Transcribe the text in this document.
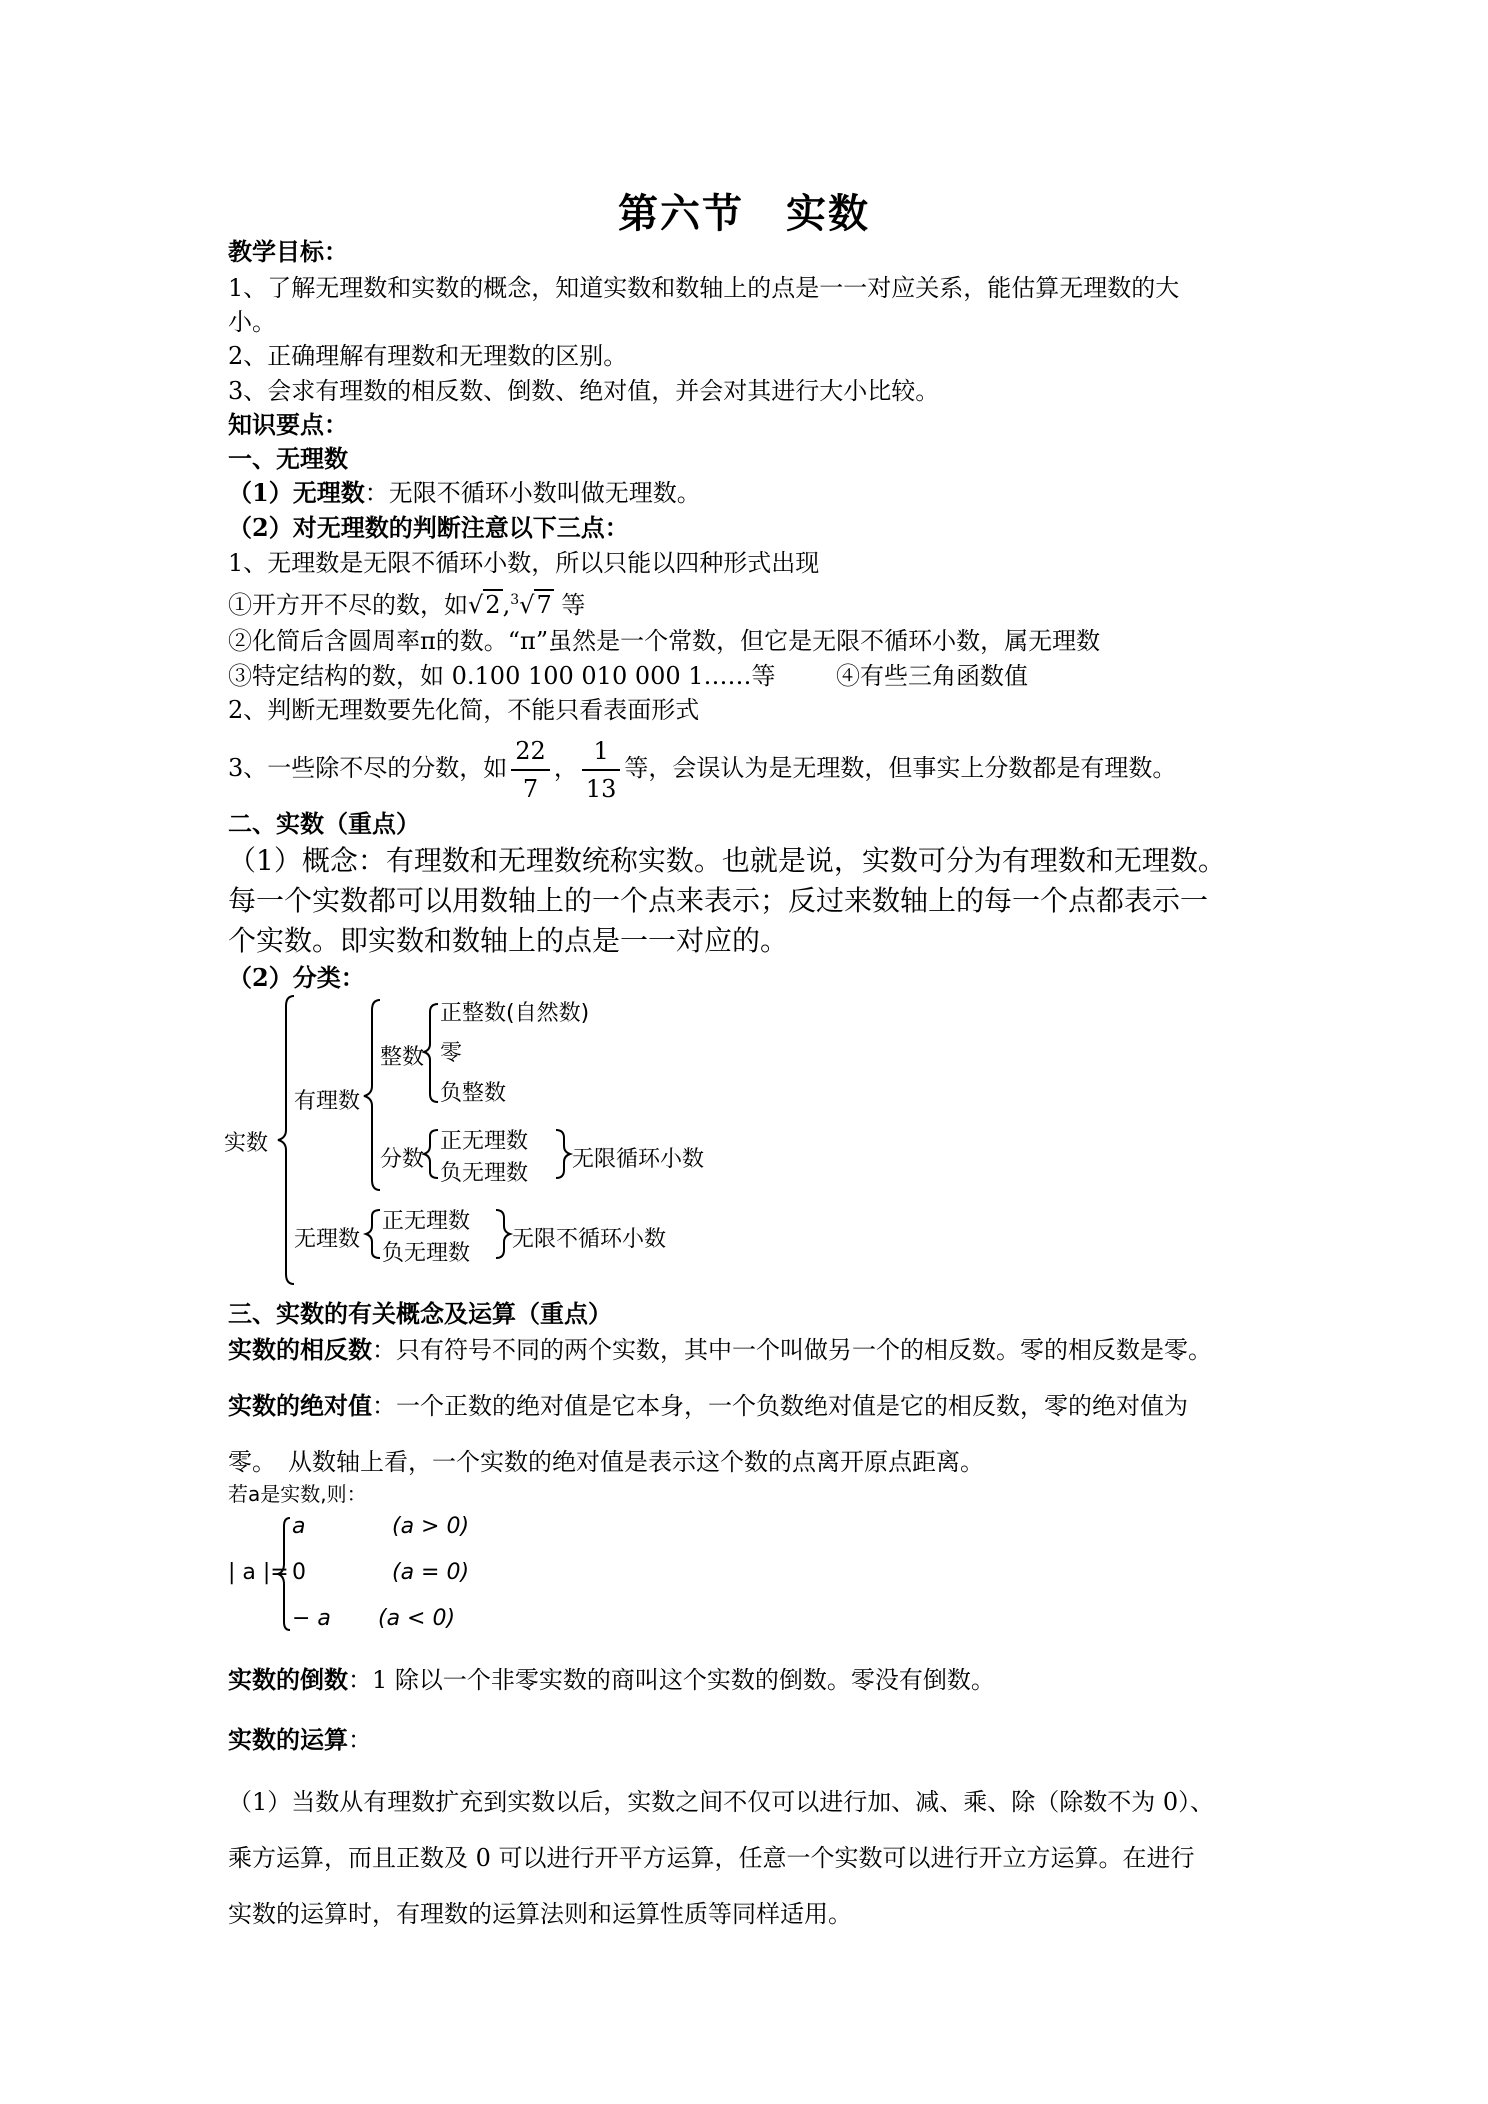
第六节　实数
教学目标：
1、了解无理数和实数的概念，知道实数和数轴上的点是一一对应关系，能估算无理数的大
小。
2、正确理解有理数和无理数的区别。
3、会求有理数的相反数、倒数、绝对值，并会对其进行大小比较。
知识要点：
一、无理数
（1）无理数：无限不循环小数叫做无理数。
（2）对无理数的判断注意以下三点：
1、无理数是无限不循环小数，所以只能以四种形式出现
①开方开不尽的数，如√2,$^3$√7 等
②化简后含圆周率π的数。“π”虽然是一个常数，但它是无限不循环小数，属无理数
③特定结构的数，如 0.100 100 010 000 1……等	④有些三角函数值
2、判断无理数要先化简，不能只看表面形式
3、一些除不尽的分数，如 $\frac{22}{7}$ ， $\frac{1}{13}$ 等，会误认为是无理数，但事实上分数都是有理数。
二、实数（重点）
（1）概念：有理数和无理数统称实数。也就是说，实数可分为有理数和无理数。
每一个实数都可以用数轴上的一个点来表示；反过来数轴上的每一个点都表示一
个实数。即实数和数轴上的点是一一对应的。
（2）分类：
实数
有理数
整数
正整数(自然数)
零
负整数
分数
正无理数
负无理数
无限循环小数
无理数
正无理数
负无理数
无限不循环小数
三、实数的有关概念及运算（重点）
实数的相反数：只有符号不同的两个实数，其中一个叫做另一个的相反数。零的相反数是零。
实数的绝对值：一个正数的绝对值是它本身，一个负数绝对值是它的相反数，零的绝对值为
零。　从数轴上看，一个实数的绝对值是表示这个数的点离开原点距离。
若a是实数,则：
| a |=
a	(a > 0)
0	(a = 0)
− a (a < 0)
实数的倒数：1 除以一个非零实数的商叫这个实数的倒数。零没有倒数。
实数的运算：
（1）当数从有理数扩充到实数以后，实数之间不仅可以进行加、减、乘、除（除数不为 0）、
乘方运算，而且正数及 0 可以进行开平方运算，任意一个实数可以进行开立方运算。在进行
实数的运算时，有理数的运算法则和运算性质等同样适用。
